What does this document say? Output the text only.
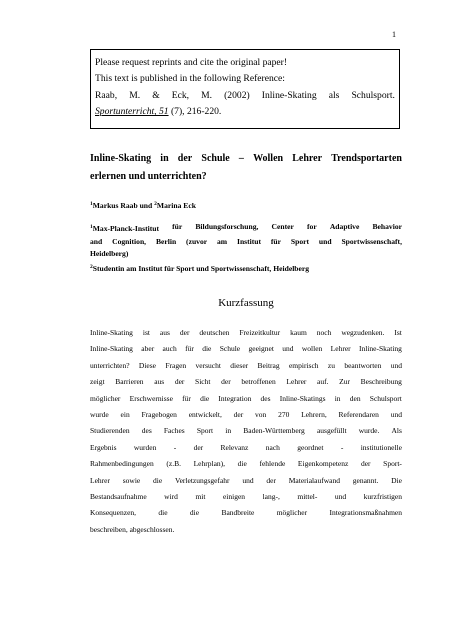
1
Please request reprints and cite the original paper!
This text is published in the following Reference:
Raab, M. & Eck, M. (2002) Inline-Skating als Schulsport.
Sportunterricht, 51 (7), 216-220.
Inline-Skating in der Schule – Wollen Lehrer Trendsportarten
erlernen und unterrichten?
$^1$Markus Raab und $^2$Marina Eck
$^1$Max-Planck-Institut für Bildungsforschung, Center for Adaptive Behavior
and Cognition, Berlin (zuvor am Institut für Sport und Sportwissenschaft,
Heidelberg)
$^2$Studentin am Institut für Sport und Sportwissenschaft, Heidelberg
Kurzfassung
Inline-Skating ist aus der deutschen Freizeitkultur kaum noch wegzudenken. Ist
Inline-Skating aber auch für die Schule geeignet und wollen Lehrer Inline-Skating
unterrichten? Diese Fragen versucht dieser Beitrag empirisch zu beantworten und
zeigt Barrieren aus der Sicht der betroffenen Lehrer auf. Zur Beschreibung
möglicher Erschwernisse für die Integration des Inline-Skatings in den Schulsport
wurde ein Fragebogen entwickelt, der von 270 Lehrern, Referendaren und
Studierenden des Faches Sport in Baden-Württemberg ausgefüllt wurde. Als
Ergebnis wurden - der Relevanz nach geordnet - institutionelle
Rahmenbedingungen (z.B. Lehrplan), die fehlende Eigenkompetenz der Sport-
Lehrer sowie die Verletzungsgefahr und der Materialaufwand genannt. Die
Bestandsaufnahme wird mit einigen lang-, mittel- und kurzfristigen
Konsequenzen,	die	die	Bandbreite	möglicher	Integrationsmaßnahmen
beschreiben, abgeschlossen.
